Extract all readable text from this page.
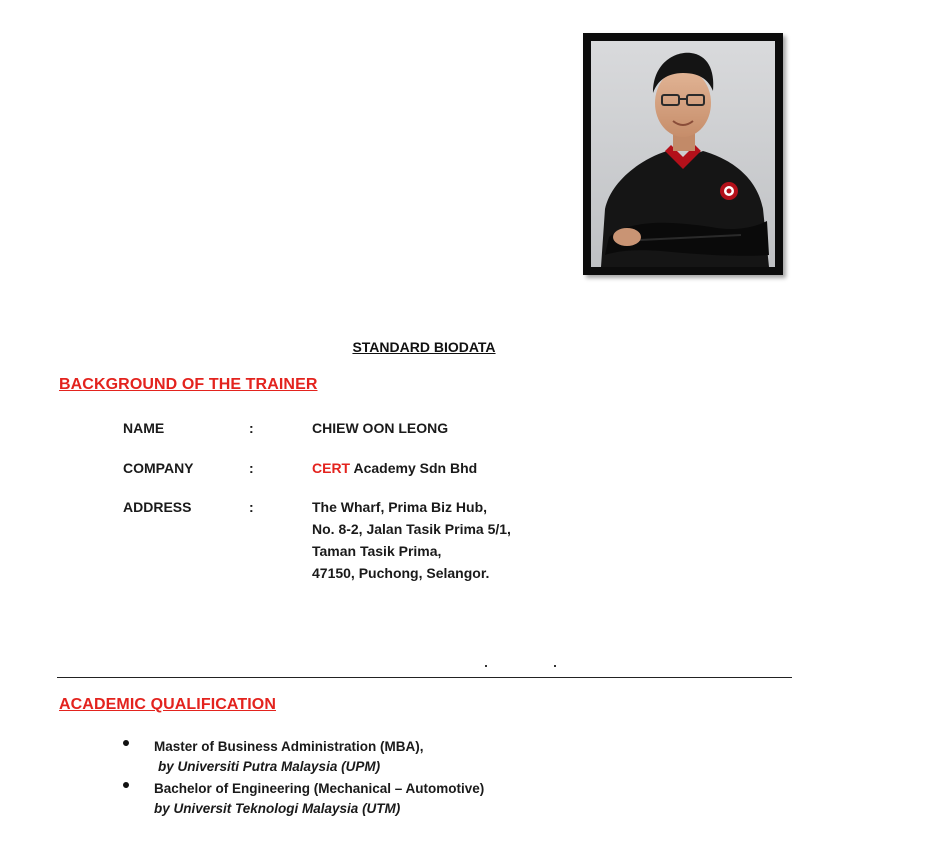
STANDARD BIODATA
BACKGROUND OF THE TRAINER
NAME	:	CHIEW OON LEONG
COMPANY	:	CERT Academy Sdn Bhd
ADDRESS	:	The Wharf, Prima Biz Hub,
No. 8-2, Jalan Tasik Prima 5/1,
Taman Tasik Prima,
47150, Puchong, Selangor.
ACADEMIC QUALIFICATION
Master of Business Administration (MBA),
by Universiti Putra Malaysia (UPM)
Bachelor of Engineering (Mechanical – Automotive)
by Universit Teknologi Malaysia (UTM)
